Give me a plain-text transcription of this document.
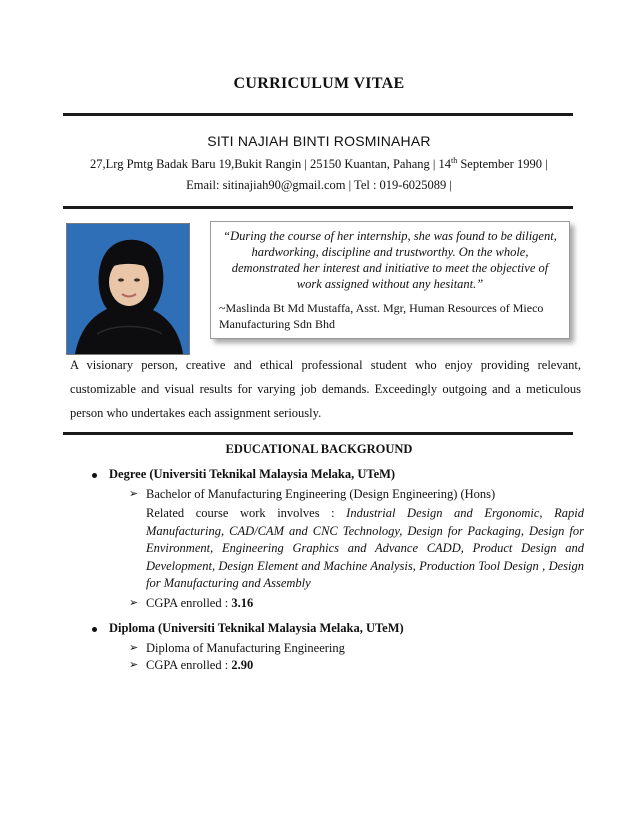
CURRICULUM VITAE
SITI NAJIAH BINTI ROSMINAHAR
27,Lrg Pmtg Badak Baru 19,Bukit Rangin | 25150 Kuantan, Pahang | 14th September 1990 |
Email: sitinajiah90@gmail.com | Tel : 019-6025089 |
“During the course of her internship, she was found to be diligent, hardworking, discipline and trustworthy. On the whole, demonstrated her interest and initiative to meet the objective of work assigned without any hesitant.”
~Maslinda Bt Md Mustaffa, Asst. Mgr, Human Resources of Mieco Manufacturing Sdn Bhd
A visionary person, creative and ethical professional student who enjoy providing relevant, customizable and visual results for varying job demands. Exceedingly outgoing and a meticulous person who undertakes each assignment seriously.
EDUCATIONAL BACKGROUND
Degree (Universiti Teknikal Malaysia Melaka, UTeM)
➢ Bachelor of Manufacturing Engineering (Design Engineering) (Hons)
Related course work involves : Industrial Design and Ergonomic, Rapid Manufacturing, CAD/CAM and CNC Technology, Design for Packaging, Design for Environment, Engineering Graphics and Advance CADD, Product Design and Development, Design Element and Machine Analysis, Production Tool Design , Design for Manufacturing and Assembly
➢ CGPA enrolled : 3.16
Diploma (Universiti Teknikal Malaysia Melaka, UTeM)
➢ Diploma of Manufacturing Engineering
➢ CGPA enrolled : 2.90
